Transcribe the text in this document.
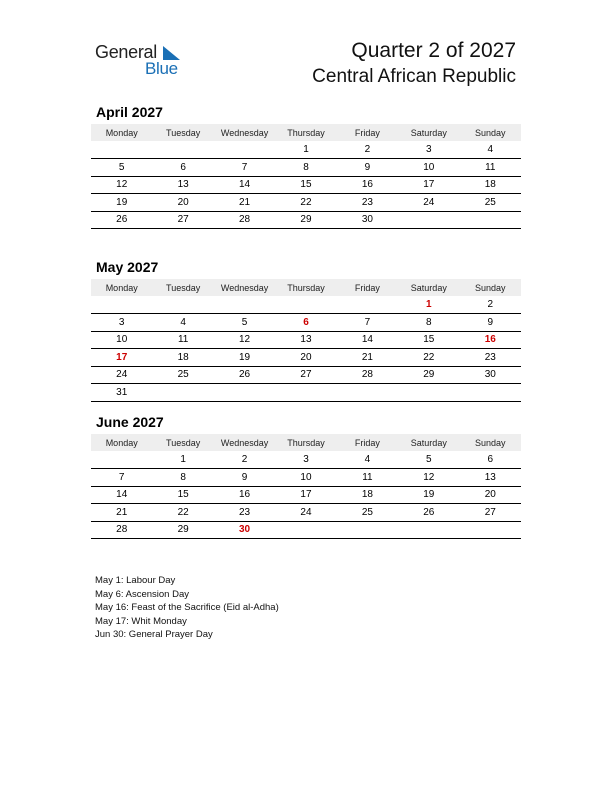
General
Blue
Quarter 2 of 2027
Central African Republic
April 2027
Monday	Tuesday	Wednesday	Thursday	Friday	Saturday	Sunday
			1	2	3	4
5	6	7	8	9	10	11
12	13	14	15	16	17	18
19	20	21	22	23	24	25
26	27	28	29	30		
May 2027
Monday	Tuesday	Wednesday	Thursday	Friday	Saturday	Sunday
					1	2
3	4	5	6	7	8	9
10	11	12	13	14	15	16
17	18	19	20	21	22	23
24	25	26	27	28	29	30
31						
June 2027
Monday	Tuesday	Wednesday	Thursday	Friday	Saturday	Sunday
	1	2	3	4	5	6
7	8	9	10	11	12	13
14	15	16	17	18	19	20
21	22	23	24	25	26	27
28	29	30				
May 1: Labour Day
May 6: Ascension Day
May 16: Feast of the Sacrifice (Eid al-Adha)
May 17: Whit Monday
Jun 30: General Prayer Day
